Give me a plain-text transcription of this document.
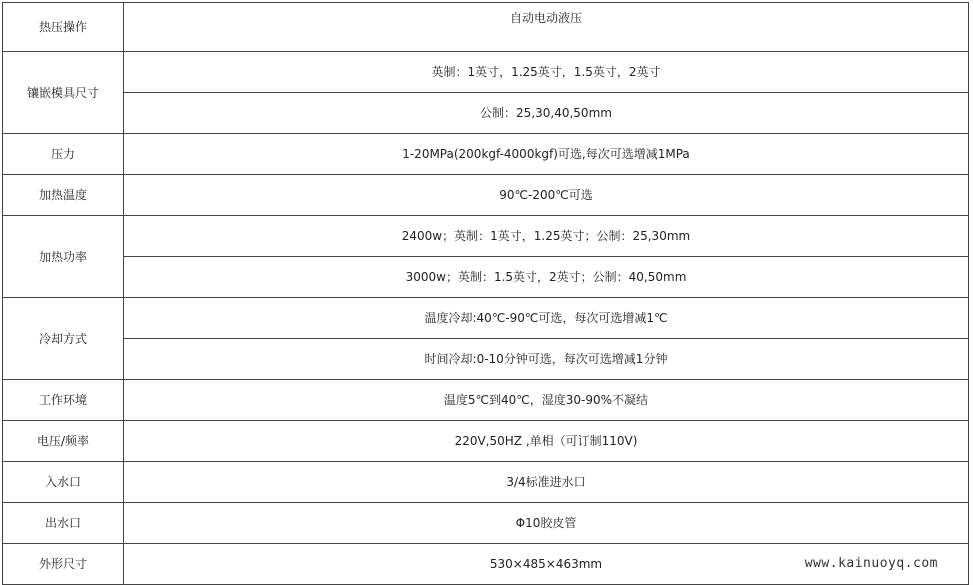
热压操作	自动电动液压
镶嵌模具尺寸	英制：1英寸，1.25英寸，1.5英寸，2英寸
	公制：25,30,40,50mm
压力	1-20MPa(200kgf-4000kgf)可选,每次可选增减1MPa
加热温度	90℃-200℃可选
加热功率	2400w；英制：1英寸，1.25英寸；公制：25,30mm
	3000w；英制：1.5英寸，2英寸；公制：40,50mm
冷却方式	温度冷却:40℃-90℃可选，每次可选增减1℃
	时间冷却:0-10分钟可选，每次可选增减1分钟
工作环境	温度5℃到40℃，湿度30-90%不凝结
电压/频率	220V,50HZ ,单相（可订制110V)
入水口	3/4标准进水口
出水口	Φ10胶皮管
外形尺寸	530×485×463mm	www.kainuoyq.com
